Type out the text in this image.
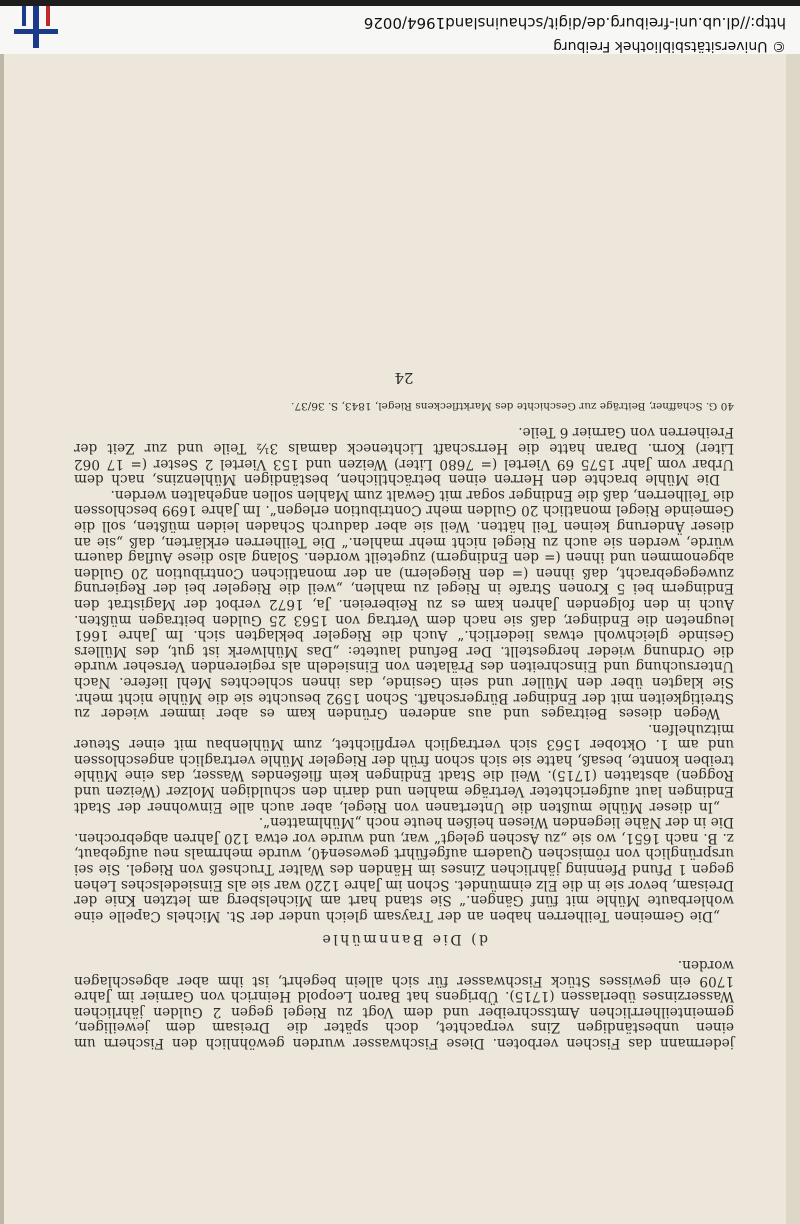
jedermann das Fischen verboten. Diese Fischwasser wurden gewöhnlich den Fischern um einen unbeständigen Zins verpachtet, doch später die Dreisam dem jeweiligen, gemeinteilherrlichen Amtsschreiber und dem Vogt zu Riegel gegen 2 Gulden jährlichen Wasserzinses überlassen (1715). Übrigens hat Baron Leopold Heinrich von Garnier im Jahre 1709 ein gewisses Stück Fischwasser für sich allein begehrt, ist ihm aber abgeschlagen worden.

d) Die Bannmühle

„Die Gemeinen Teilherren haben an der Traysam gleich under der St. Michels Capelle eine wohlerbaute Mühle mit fünf Gängen.“ Sie stand hart am Michelsberg am letzten Knie der Dreisam, bevor sie in die Elz einmündet. Schon im Jahre 1220 war sie als Einsiedelsches Lehen gegen 1 Pfund Pfenning jährlichen Zinses im Händen des Walter Truchseß von Riegel. Sie sei ursprünglich von römischen Quadern aufgeführt gewesen40, wurde mehrmals neu aufgebaut, z. B. nach 1651, wo sie „zu Aschen gelegt“ war, und wurde vor etwa 120 Jahren abgebrochen. Die in der Nähe liegenden Wiesen heißen heute noch „Mühlmatten“.

„In dieser Mühle mußten die Untertanen von Riegel, aber auch alle Einwohner der Stadt Endingen laut aufgerichteter Verträge mahlen und darin den schuldigen Molzer (Weizen und Roggen) abstatten (1715). Weil die Stadt Endingen kein fließendes Wasser, das eine Mühle treiben konnte, besaß, hatte sie sich schon früh der Riegeler Mühle vertraglich angeschlossen und am 1. Oktober 1563 sich vertraglich verpflichtet, zum Mühlenbau mit einer Steuer mitzuhelfen.

Wegen dieses Beitrages und aus anderen Gründen kam es aber immer wieder zu Streitigkeiten mit der Endinger Bürgerschaft. Schon 1592 besuchte sie die Mühle nicht mehr. Sie klagten über den Müller und sein Gesinde, das ihnen schlechtes Mehl liefere. Nach Untersuchung und Einschreiten des Prälaten von Einsiedeln als regierenden Verseher wurde die Ordnung wieder hergestellt. Der Befund lautete: „Das Mühlwerk ist gut, des Müllers Gesinde gleichwohl etwas liederlich.“ Auch die Riegeler beklagten sich. Im Jahre 1661 leugneten die Endinger, daß sie nach dem Vertrag von 1563 25 Gulden beitragen müßten. Auch in den folgenden Jahren kam es zu Reibereien. Ja, 1672 verbot der Magistrat den Endingern bei 5 Kronen Strafe in Riegel zu mahlen, „weil die Riegeler bei der Regierung zuwegegebracht, daß ihnen (= den Riegelern) an der monatlichen Contribution 20 Gulden abgenommen und ihnen (= den Endingern) zugeteilt worden. Solang also diese Auflag dauern würde, werden sie auch zu Riegel nicht mehr mahlen.“ Die Teilherren erklärten, daß „sie an dieser Änderung keinen Teil hätten. Weil sie aber dadurch Schaden leiden müßten, soll die Gemeinde Riegel monatlich 20 Gulden mehr Contribution erlegen“. Im Jahre 1699 beschlossen die Teilherren, daß die Endinger sogar mit Gewalt zum Mahlen sollen angehalten werden.

Die Mühle brachte den Herren einen beträchtlichen, beständigen Mühlenzins, nach dem Urbar vom Jahr 1575 69 Viertel (= 7680 Liter) Weizen und 153 Viertel 2 Sester (= 17 062 Liter) Korn. Daran hatte die Herrschaft Lichteneck damals 3½ Teile und zur Zeit der Freiherren von Garnier 6 Teile.

40 G. Schaffner, Beiträge zur Geschichte des Marktfleckens Riegel, 1843, S. 36/37.
24
© Universitätsbibliothek Freiburg
http://dl.ub.uni-freiburg.de/digit/schauinsland1964/0026
